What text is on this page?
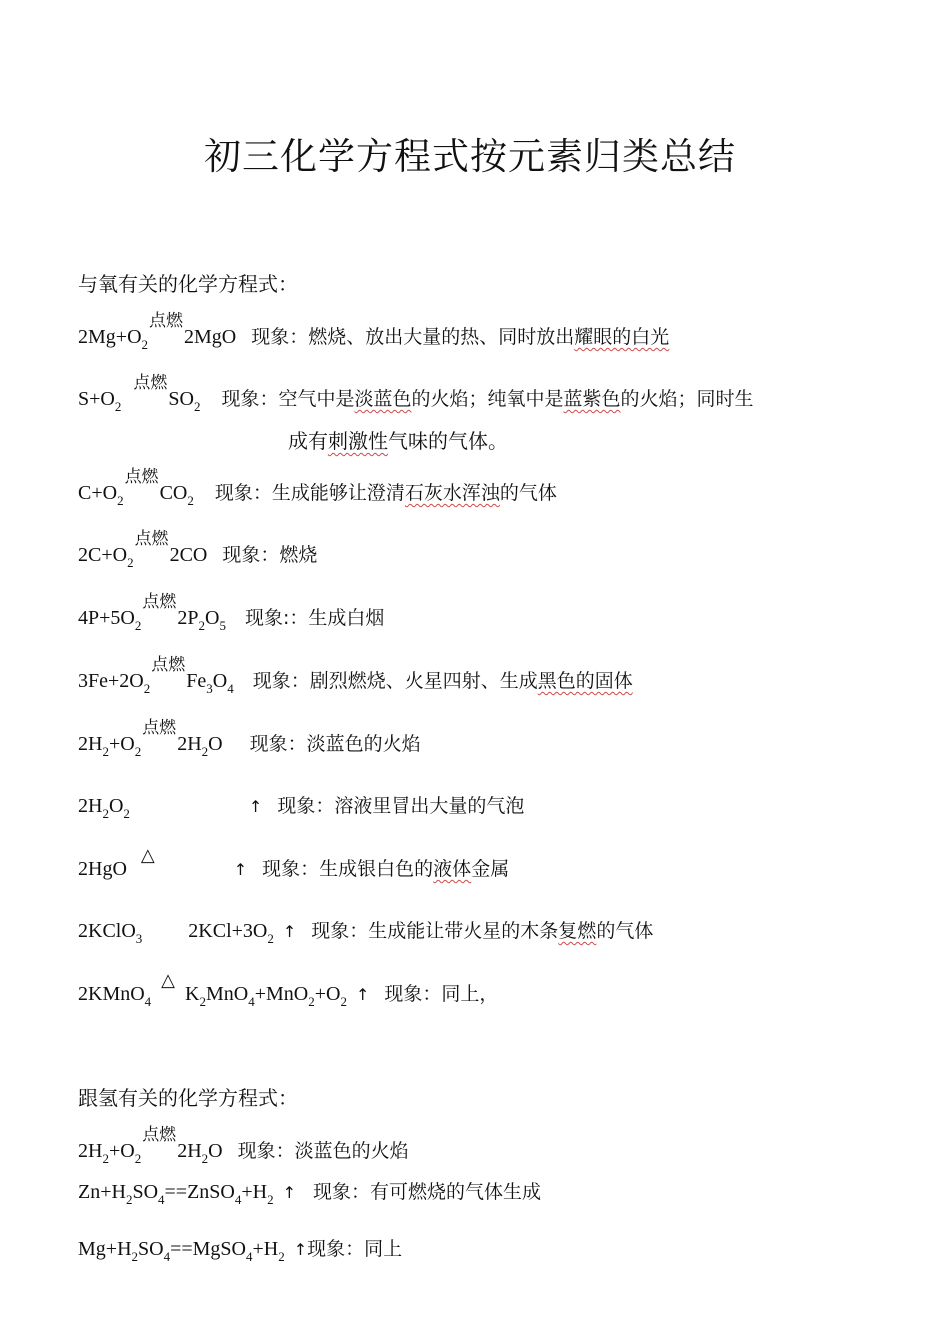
初三化学方程式按元素归类总结
与氧有关的化学方程式：
$2Mg+O_2^{点燃}2MgO$ 现象：燃烧、放出大量的热、同时放出耀眼的白光
$S+O_2^{点燃}SO_2$ 现象：空气中是淡蓝色的火焰；纯氧中是蓝紫色的火焰；同时生
成有刺激性气味的气体。
$C+O_2^{点燃}CO_2$ 现象：生成能够让澄清石灰水浑浊的气体
$2C+O_2^{点燃}2CO$ 现象：燃烧
$4P+5O_2^{点燃}2P_2O_5$ 现象:：生成白烟
$3Fe+2O_2^{点燃}Fe_3O_4$ 现象：剧烈燃烧、火星四射、生成黑色的固体
$2H_2+O_2^{点燃}2H_2O$ 现象：淡蓝色的火焰
$2H_2O_2$	↑ 现象：溶液里冒出大量的气泡
2HgO△ ↑ 现象：生成银白色的液体金属
2KClO$_3$ $2KCl+3O_2$ ↑ 现象：生成能让带火星的木条复燃的气体
$2KMnO_4\triangle K_2MnO_4+MnO_2+O_2$ ↑ 现象：同上，
跟氢有关的化学方程式：
$2H_2+O_2^{点燃}2H_2O$ 现象：淡蓝色的火焰
$Zn+H_2SO_4==ZnSO_4+H_2$ ↑ 现象：有可燃烧的气体生成
$Mg+H_2SO_4==MgSO_4+H_2$ ↑现象：同上
